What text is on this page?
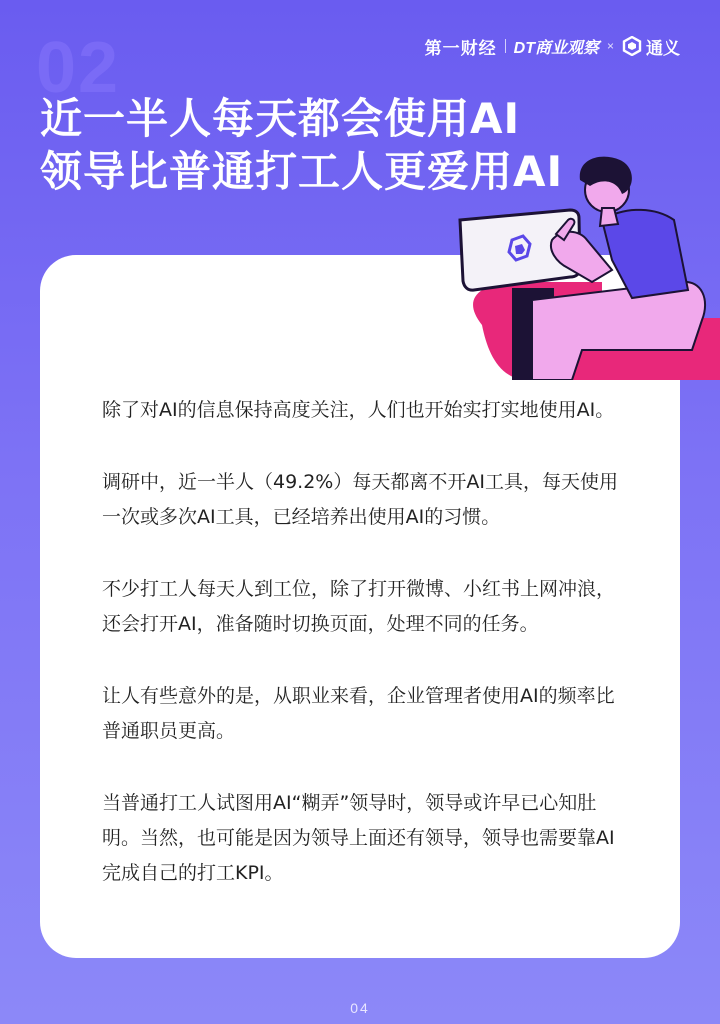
02	第一财经 DT商业观察 × 通义
近一半人每天都会使用AI
领导比普通打工人更爱用AI

除了对AI的信息保持高度关注，人们也开始实打实地使用AI。

调研中，近一半人（49.2%）每天都离不开AI工具，每天使用一次或多次AI工具，已经培养出使用AI的习惯。

不少打工人每天人到工位，除了打开微博、小红书上网冲浪，还会打开AI，准备随时切换页面，处理不同的任务。

让人有些意外的是，从职业来看，企业管理者使用AI的频率比普通职员更高。

当普通打工人试图用AI“糊弄”领导时，领导或许早已心知肚明。当然，也可能是因为领导上面还有领导，领导也需要靠AI完成自己的打工KPI。

04
